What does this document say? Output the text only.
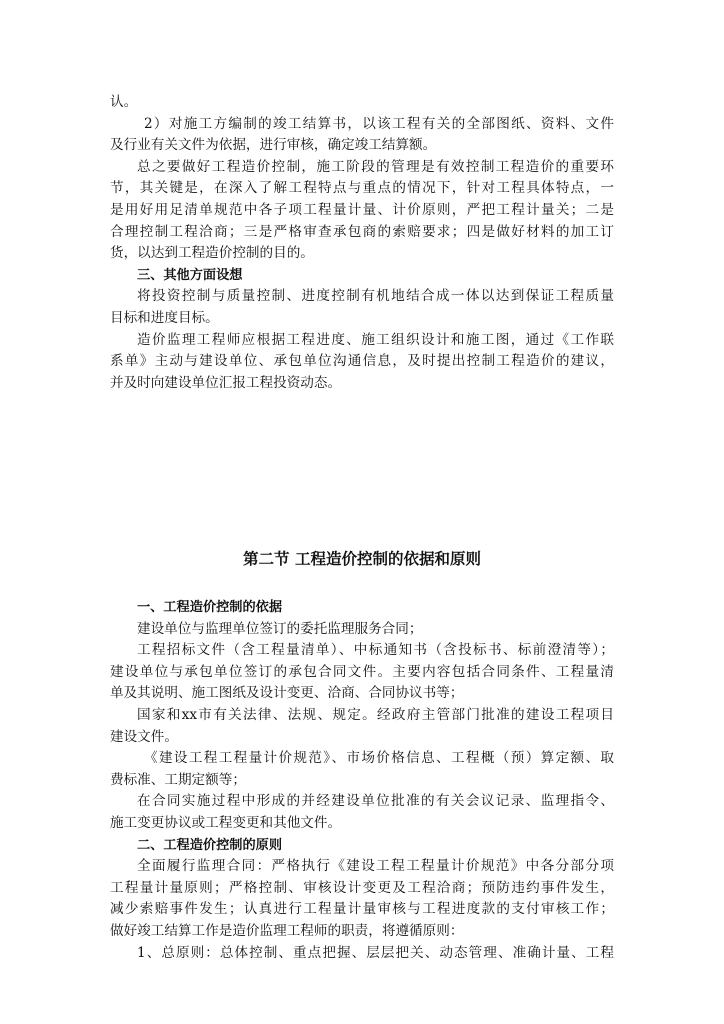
认。
2）对施工方编制的竣工结算书，以该工程有关的全部图纸、资料、文件
及行业有关文件为依据，进行审核，确定竣工结算额。
总之要做好工程造价控制，施工阶段的管理是有效控制工程造价的重要环
节，其关键是，在深入了解工程特点与重点的情况下，针对工程具体特点，一
是用好用足清单规范中各子项工程量计量、计价原则，严把工程计量关；二是
合理控制工程洽商；三是严格审查承包商的索赔要求；四是做好材料的加工订
货，以达到工程造价控制的目的。
三、其他方面设想
将投资控制与质量控制、进度控制有机地结合成一体以达到保证工程质量
目标和进度目标。
造价监理工程师应根据工程进度、施工组织设计和施工图，通过《工作联
系单》主动与建设单位、承包单位沟通信息，及时提出控制工程造价的建议，
并及时向建设单位汇报工程投资动态。
第二节 工程造价控制的依据和原则
一、工程造价控制的依据
建设单位与监理单位签订的委托监理服务合同；
工程招标文件（含工程量清单）、中标通知书（含投标书、标前澄清等）；
建设单位与承包单位签订的承包合同文件。主要内容包括合同条件、工程量清
单及其说明、施工图纸及设计变更、洽商、合同协议书等；
国家和xx市有关法律、法规、规定。经政府主管部门批准的建设工程项目
建设文件。
《建设工程工程量计价规范》、市场价格信息、工程概（预）算定额、取
费标准、工期定额等；
在合同实施过程中形成的并经建设单位批准的有关会议记录、监理指令、
施工变更协议或工程变更和其他文件。
二、工程造价控制的原则
全面履行监理合同：严格执行《建设工程工程量计价规范》中各分部分项
工程量计量原则；严格控制、审核设计变更及工程洽商；预防违约事件发生，
减少索赔事件发生；认真进行工程量计量审核与工程进度款的支付审核工作；
做好竣工结算工作是造价监理工程师的职责，将遵循原则：
1、总原则：总体控制、重点把握、层层把关、动态管理、准确计量、工程
